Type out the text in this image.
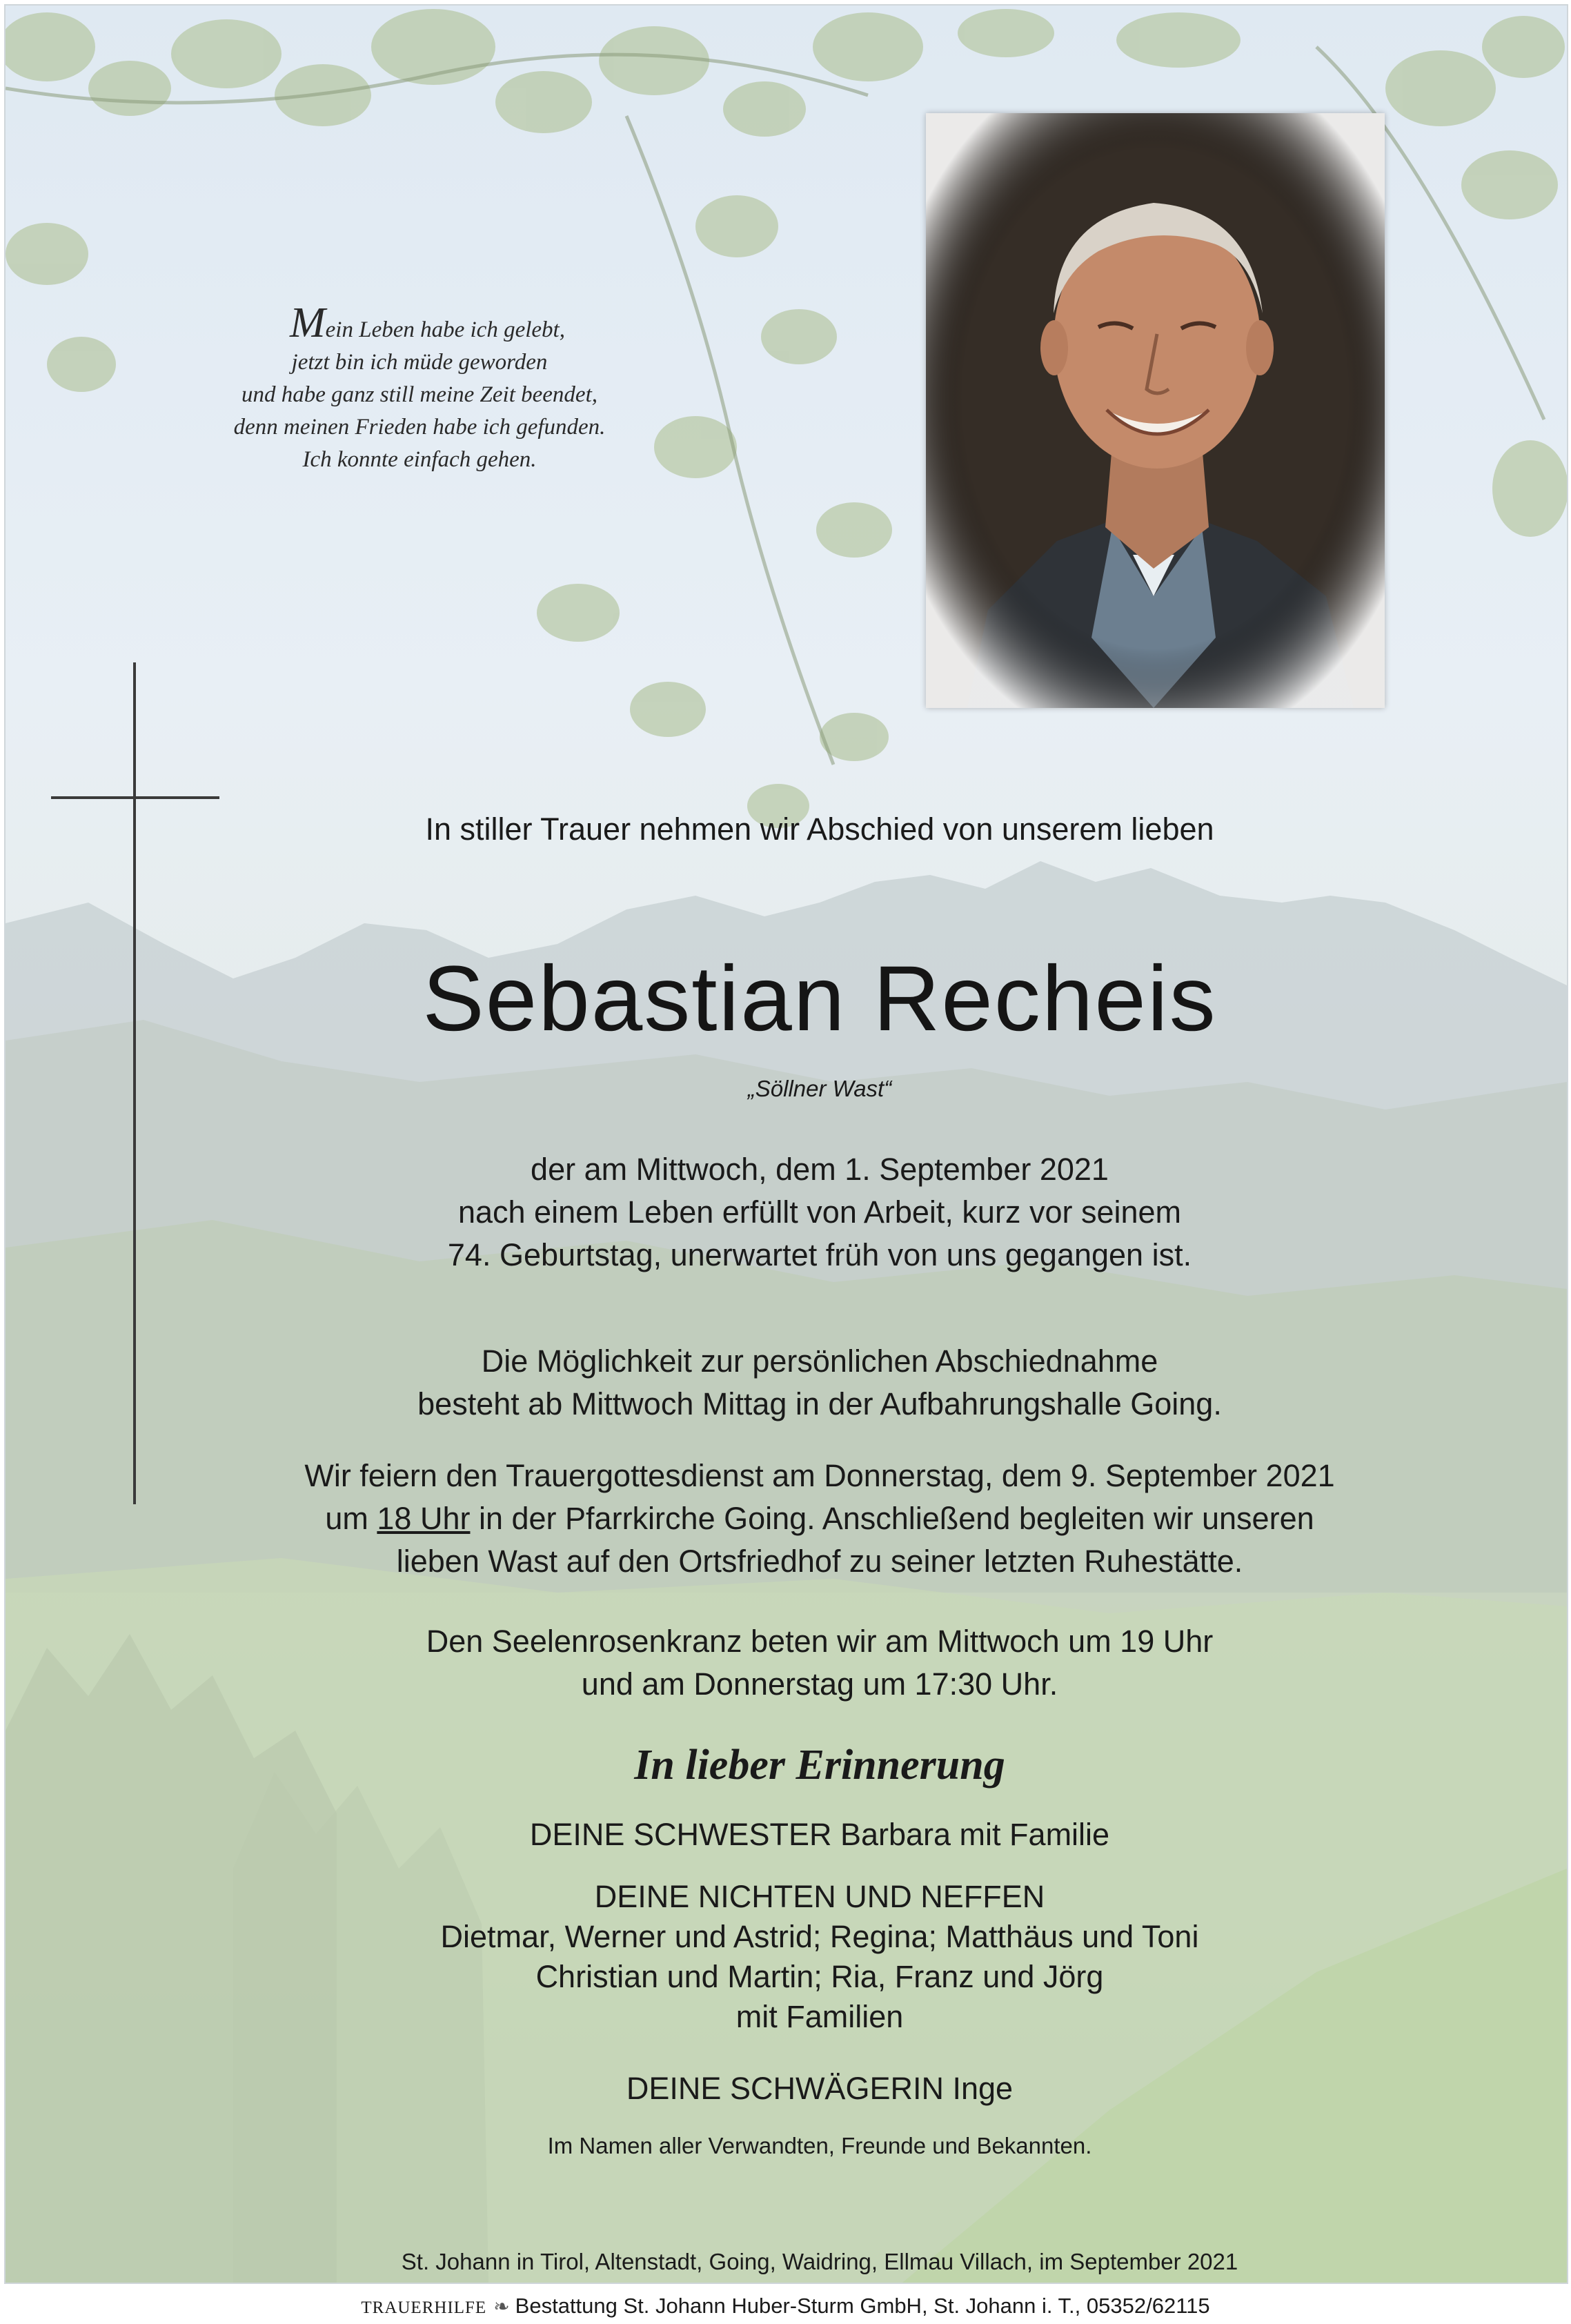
Mein Leben habe ich gelebt,
jetzt bin ich müde geworden
und habe ganz still meine Zeit beendet,
denn meinen Frieden habe ich gefunden.
Ich konnte einfach gehen.

In stiller Trauer nehmen wir Abschied von unserem lieben

Sebastian Recheis

„Söllner Wast“

der am Mittwoch, dem 1. September 2021
nach einem Leben erfüllt von Arbeit, kurz vor seinem
74. Geburtstag, unerwartet früh von uns gegangen ist.

Die Möglichkeit zur persönlichen Abschiednahme
besteht ab Mittwoch Mittag in der Aufbahrungshalle Going.

Wir feiern den Trauergottesdienst am Donnerstag, dem 9. September 2021
um 18 Uhr in der Pfarrkirche Going. Anschließend begleiten wir unseren
lieben Wast auf den Ortsfriedhof zu seiner letzten Ruhestätte.

Den Seelenrosenkranz beten wir am Mittwoch um 19 Uhr
und am Donnerstag um 17:30 Uhr.

In lieber Erinnerung

DEINE SCHWESTER Barbara mit Familie

DEINE NICHTEN UND NEFFEN
Dietmar, Werner und Astrid; Regina; Matthäus und Toni
Christian und Martin; Ria, Franz und Jörg
mit Familien

DEINE SCHWÄGERIN Inge

Im Namen aller Verwandten, Freunde und Bekannten.

St. Johann in Tirol, Altenstadt, Going, Waidring, Ellmau Villach, im September 2021

TRAUERHILFE ❧ Bestattung St. Johann Huber-Sturm GmbH, St. Johann i. T., 05352/62115
